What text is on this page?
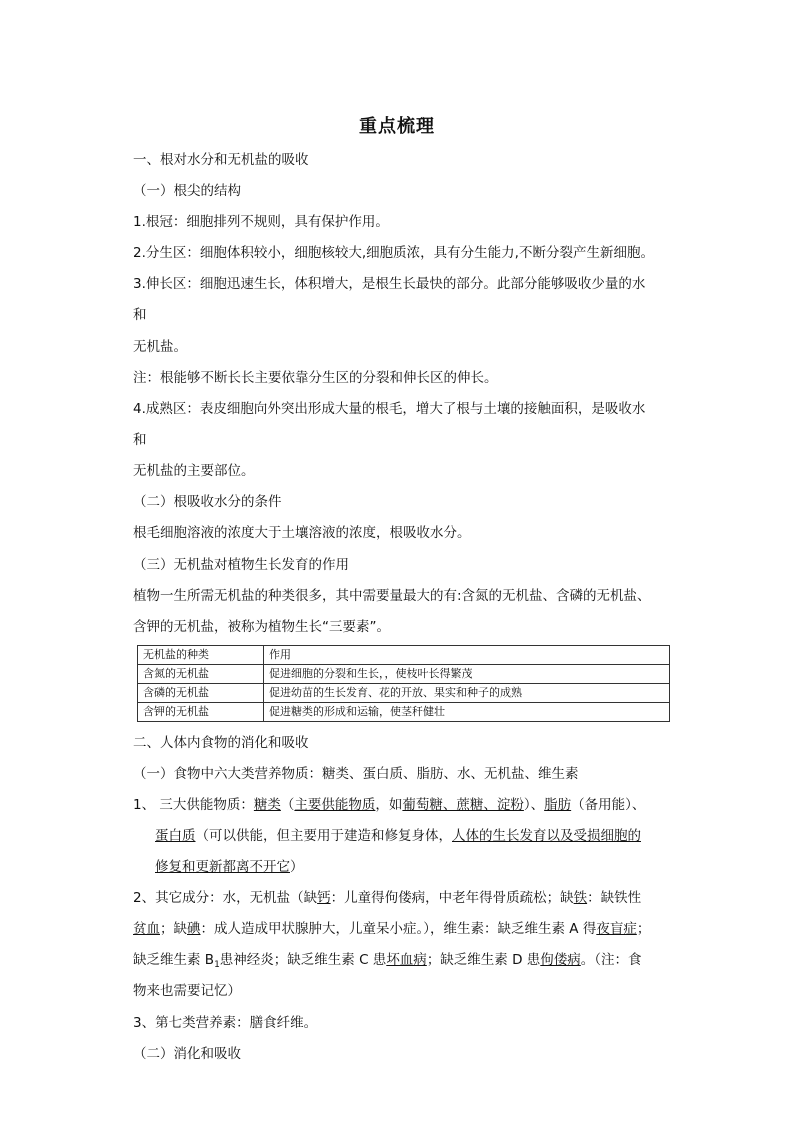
重点梳理
一、根对水分和无机盐的吸收
（一）根尖的结构
1.根冠：细胞排列不规则，具有保护作用。
2.分生区：细胞体积较小，细胞核较大,细胞质浓，具有分生能力,不断分裂产生新细胞。
3.伸长区：细胞迅速生长，体积增大，是根生长最快的部分。此部分能够吸收少量的水
和
无机盐。
注：根能够不断长长主要依靠分生区的分裂和伸长区的伸长。
4.成熟区：表皮细胞向外突出形成大量的根毛，增大了根与土壤的接触面积，是吸收水
和
无机盐的主要部位。
（二）根吸收水分的条件
根毛细胞溶液的浓度大于土壤溶液的浓度，根吸收水分。
（三）无机盐对植物生长发育的作用
植物一生所需无机盐的种类很多，其中需要量最大的有:含氮的无机盐、含磷的无机盐、
含钾的无机盐，被称为植物生长“三要素”。
无机盐的种类	作用
含氮的无机盐	促进细胞的分裂和生长，，使枝叶长得繁茂
含磷的无机盐	促进幼苗的生长发育、花的开放、果实和种子的成熟
含钾的无机盐	促进糖类的形成和运输，使茎秆健壮
二、人体内食物的消化和吸收
（一）食物中六大类营养物质：糖类、蛋白质、脂肪、水、无机盐、维生素
1、 三大供能物质：糖类（主要供能物质，如葡萄糖、蔗糖、淀粉）、脂肪（备用能）、
蛋白质（可以供能，但主要用于建造和修复身体，人体的生长发育以及受损细胞的
修复和更新都离不开它）
2、其它成分：水，无机盐（缺钙：儿童得佝偻病，中老年得骨质疏松；缺铁：缺铁性
贫血；缺碘：成人造成甲状腺肿大，儿童呆小症。），维生素：缺乏维生素 A 得夜盲症；
缺乏维生素 $B_1$患神经炎；缺乏维生素 C 患坏血病；缺乏维生素 D 患佝偻病。（注：食
物来也需要记忆）
3、第七类营养素：膳食纤维。
（二）消化和吸收
